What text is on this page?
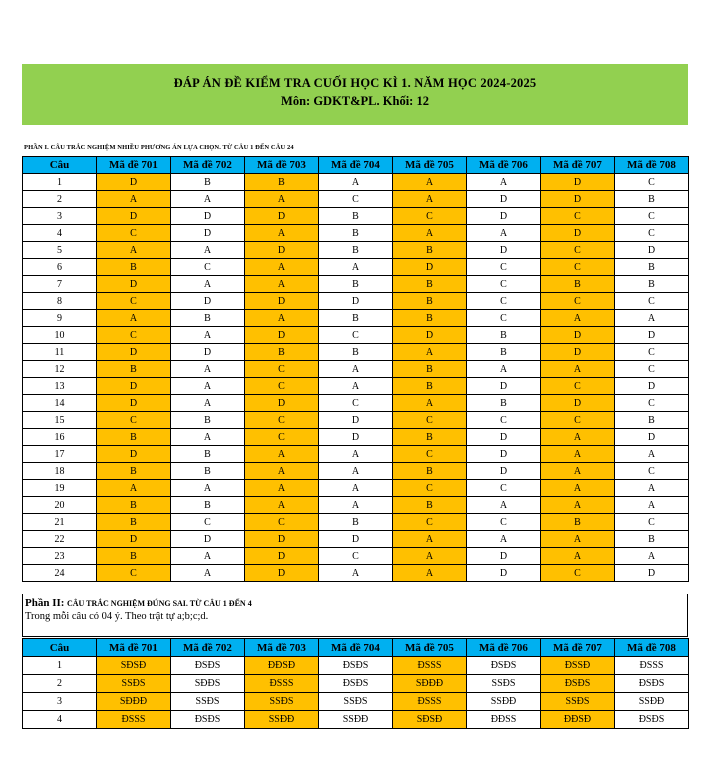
ĐÁP ÁN ĐỀ KIỂM TRA CUỐI HỌC KÌ 1. NĂM HỌC 2024-2025
Môn: GDKT&PL. Khối: 12
PHẦN I. CÂU TRẮC NGHIỆM NHIỀU PHƯƠNG ÁN LỰA CHỌN. TỪ CÂU 1 ĐẾN CÂU 24
Câu	Mã đề 701	Mã đề 702	Mã đề 703	Mã đề 704	Mã đề 705	Mã đề 706	Mã đề 707	Mã đề 708
1	D	B	B	A	A	A	D	C
2	A	A	A	C	A	D	D	B
3	D	D	D	B	C	D	C	C
4	C	D	A	B	A	A	D	C
5	A	A	D	B	B	D	C	D
6	B	C	A	A	D	C	C	B
7	D	A	A	B	B	C	B	B
8	C	D	D	D	B	C	C	C
9	A	B	A	B	B	C	A	A
10	C	A	D	C	D	B	D	D
11	D	D	B	B	A	B	D	C
12	B	A	C	A	B	A	A	C
13	D	A	C	A	B	D	C	D
14	D	A	D	C	A	B	D	C
15	C	B	C	D	C	C	C	B
16	B	A	C	D	B	D	A	D
17	D	B	A	A	C	D	A	A
18	B	B	A	A	B	D	A	C
19	A	A	A	A	C	C	A	A
20	B	B	A	A	B	A	A	A
21	B	C	C	B	C	C	B	C
22	D	D	D	D	A	A	A	B
23	B	A	D	C	A	D	A	A
24	C	A	D	A	A	D	C	D
Phần II: CÂU TRẮC NGHIỆM ĐÚNG SAI. TỪ CÂU 1 ĐẾN 4
Trong mỗi câu có 04 ý. Theo trật tự a;b;c;d.
Câu	Mã đề 701	Mã đề 702	Mã đề 703	Mã đề 704	Mã đề 705	Mã đề 706	Mã đề 707	Mã đề 708
1	SĐSĐ	ĐSĐS	ĐĐSĐ	ĐSĐS	ĐSSS	ĐSĐS	ĐSSĐ	ĐSSS
2	SSĐS	SĐĐS	ĐSSS	ĐSĐS	SĐĐĐ	SSĐS	ĐSĐS	ĐSĐS
3	SĐĐĐ	SSĐS	SSĐS	SSĐS	ĐSSS	SSĐĐ	SSĐS	SSĐĐ
4	ĐSSS	ĐSĐS	SSĐĐ	SSĐĐ	SĐSĐ	ĐĐSS	ĐĐSĐ	ĐSĐS
